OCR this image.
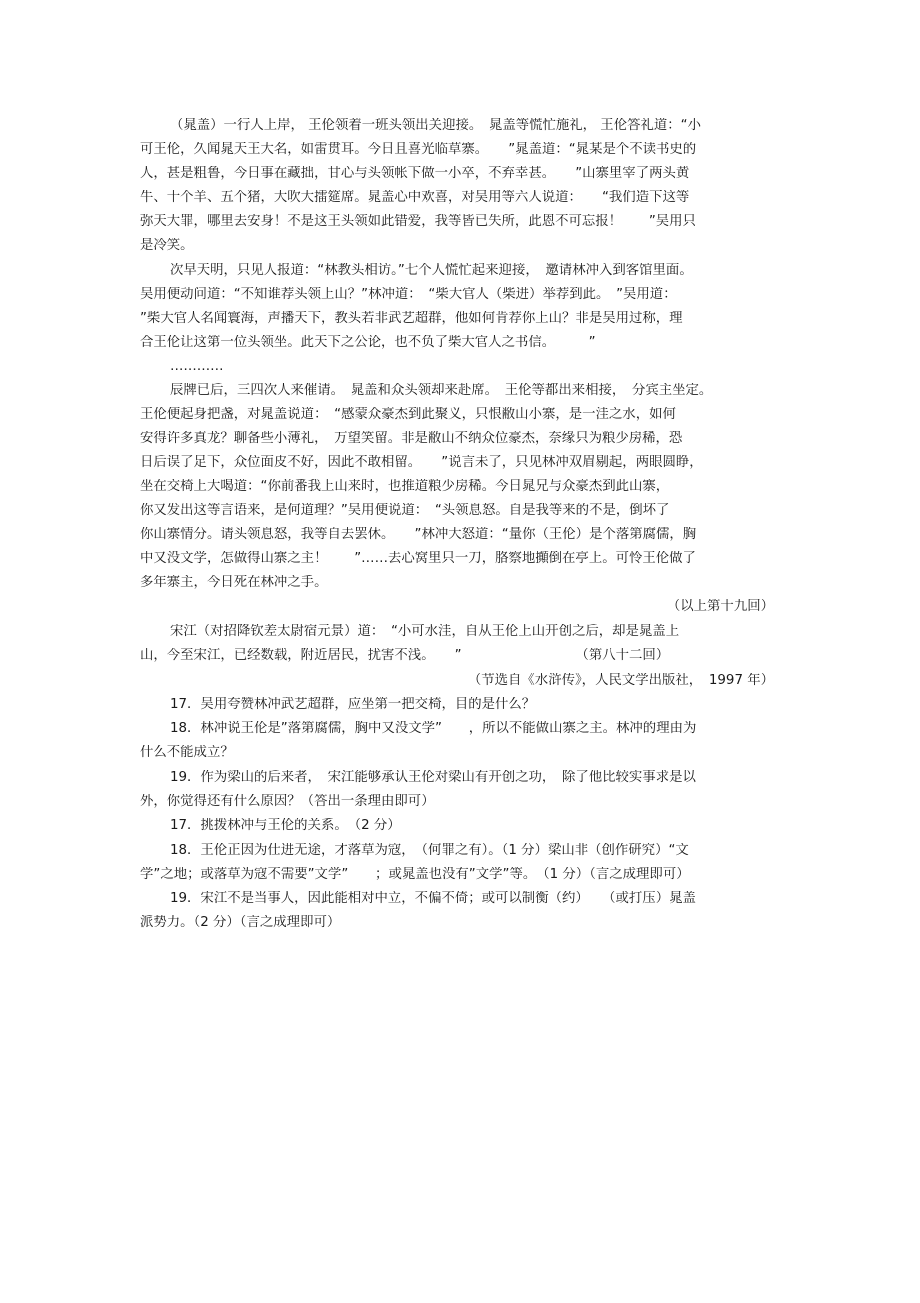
（晁盖）一行人上岸， 王伦领着一班头领出关迎接。　晁盖等慌忙施礼， 王伦答礼道：“小
可王伦，久闻晁天王大名，如雷贯耳。今日且喜光临草寨。　　”晁盖道：“晁某是个不读书史的
人，甚是粗鲁，今日事在藏拙，甘心与头领帐下做一小卒，不弃幸甚。　　”山寨里宰了两头黄
牛、十个羊、五个猪，大吹大擂筵席。晁盖心中欢喜，对吴用等六人说道：　　“我们造下这等
弥天大罪，哪里去安身！不是这王头领如此错爱，我等皆已失所，此恩不可忘报！　　”吴用只
是冷笑。
次早天明，只见人报道：“林教头相访。”七个人慌忙起来迎接，　邀请林冲入到客馆里面。
吴用便动问道：“不知谁荐头领上山？”林冲道：　“柴大官人（柴进）举荐到此。　”吴用道：
”柴大官人名闻寰海，声播天下，教头若非武艺超群，他如何肯荐你上山？非是吴用过称，理
合王伦让这第一位头领坐。此天下之公论，也不负了柴大官人之书信。　　　”
…………
辰牌已后，三四次人来催请。　晁盖和众头领却来赴席。　王伦等都出来相接，　分宾主坐定。
王伦便起身把盏，对晁盖说道：　“感蒙众豪杰到此聚义，只恨敝山小寨，是一洼之水，如何
安得许多真龙？聊备些小薄礼，　万望笑留。非是敝山不纳众位豪杰，奈缘只为粮少房稀，恐
日后误了足下，众位面皮不好，因此不敢相留。　　”说言未了，只见林冲双眉剔起，两眼圆睁，
坐在交椅上大喝道：“你前番我上山来时，也推道粮少房稀。今日晁兄与众豪杰到此山寨，
你又发出这等言语来，是何道理？”吴用便说道：　“头领息怒。自是我等来的不是，倒坏了
你山寨情分。请头领息怒，我等自去罢休。　　”林冲大怒道：“量你（王伦）是个落第腐儒，胸
中又没文学，怎做得山寨之主！　　”……去心窝里只一刀，胳察地攧倒在亭上。可怜王伦做了
多年寨主，今日死在林冲之手。
（以上第十九回）
宋江（对招降钦差太尉宿元景）道：　“小可水洼，自从王伦上山开创之后，却是晁盖上
山，今至宋江，已经数载，附近居民，扰害不浅。　　”　　　　　　　　　（第八十二回）
（节选自《水浒传》，人民文学出版社，　1997 年）
17．吴用夸赞林冲武艺超群，应坐第一把交椅，目的是什么？
18．林冲说王伦是”落第腐儒，胸中又没文学”　　，所以不能做山寨之主。林冲的理由为
什么不能成立？
19．作为梁山的后来者，　宋江能够承认王伦对梁山有开创之功，　除了他比较实事求是以
外，你觉得还有什么原因？（答出一条理由即可）
17．挑拨林冲与王伦的关系。　（2 分）
18．王伦正因为仕进无途，才落草为寇，　（何罪之有）。（1 分）梁山非（创作研究）“文
学”之地；或落草为寇不需要”文学”　　；或晁盖也没有”文学”等。　（1 分）（言之成理即可）
19．宋江不是当事人，因此能相对中立，不偏不倚；或可以制衡（约）　　（或打压）晁盖
派势力。（2 分）（言之成理即可）
